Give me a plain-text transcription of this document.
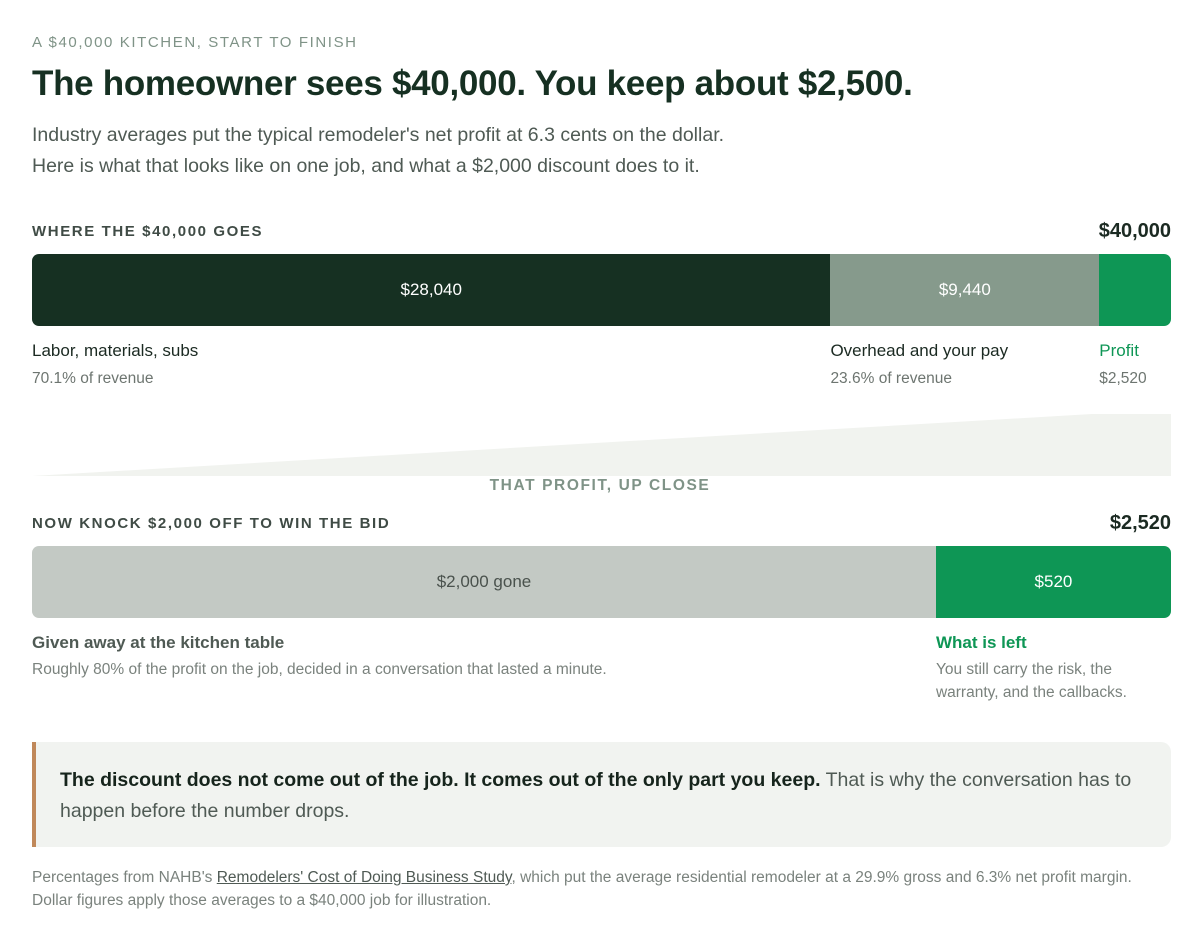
A $40,000 KITCHEN, START TO FINISH
The homeowner sees $40,000. You keep about $2,500.
Industry averages put the typical remodeler's net profit at 6.3 cents on the dollar.
Here is what that looks like on one job, and what a $2,000 discount does to it.
WHERE THE $40,000 GOES	$40,000
$28,040	$9,440
Labor, materials, subs
70.1% of revenue
Overhead and your pay
23.6% of revenue
Profit
$2,520
THAT PROFIT, UP CLOSE
NOW KNOCK $2,000 OFF TO WIN THE BID	$2,520
$2,000 gone	$520
Given away at the kitchen table
Roughly 80% of the profit on the job, decided in a conversation that lasted a minute.
What is left
You still carry the risk, the warranty, and the callbacks.
The discount does not come out of the job. It comes out of the only part you keep. That is why the conversation has to happen before the number drops.
Percentages from NAHB's Remodelers' Cost of Doing Business Study, which put the average residential remodeler at a 29.9% gross and 6.3% net profit margin. Dollar figures apply those averages to a $40,000 job for illustration.
